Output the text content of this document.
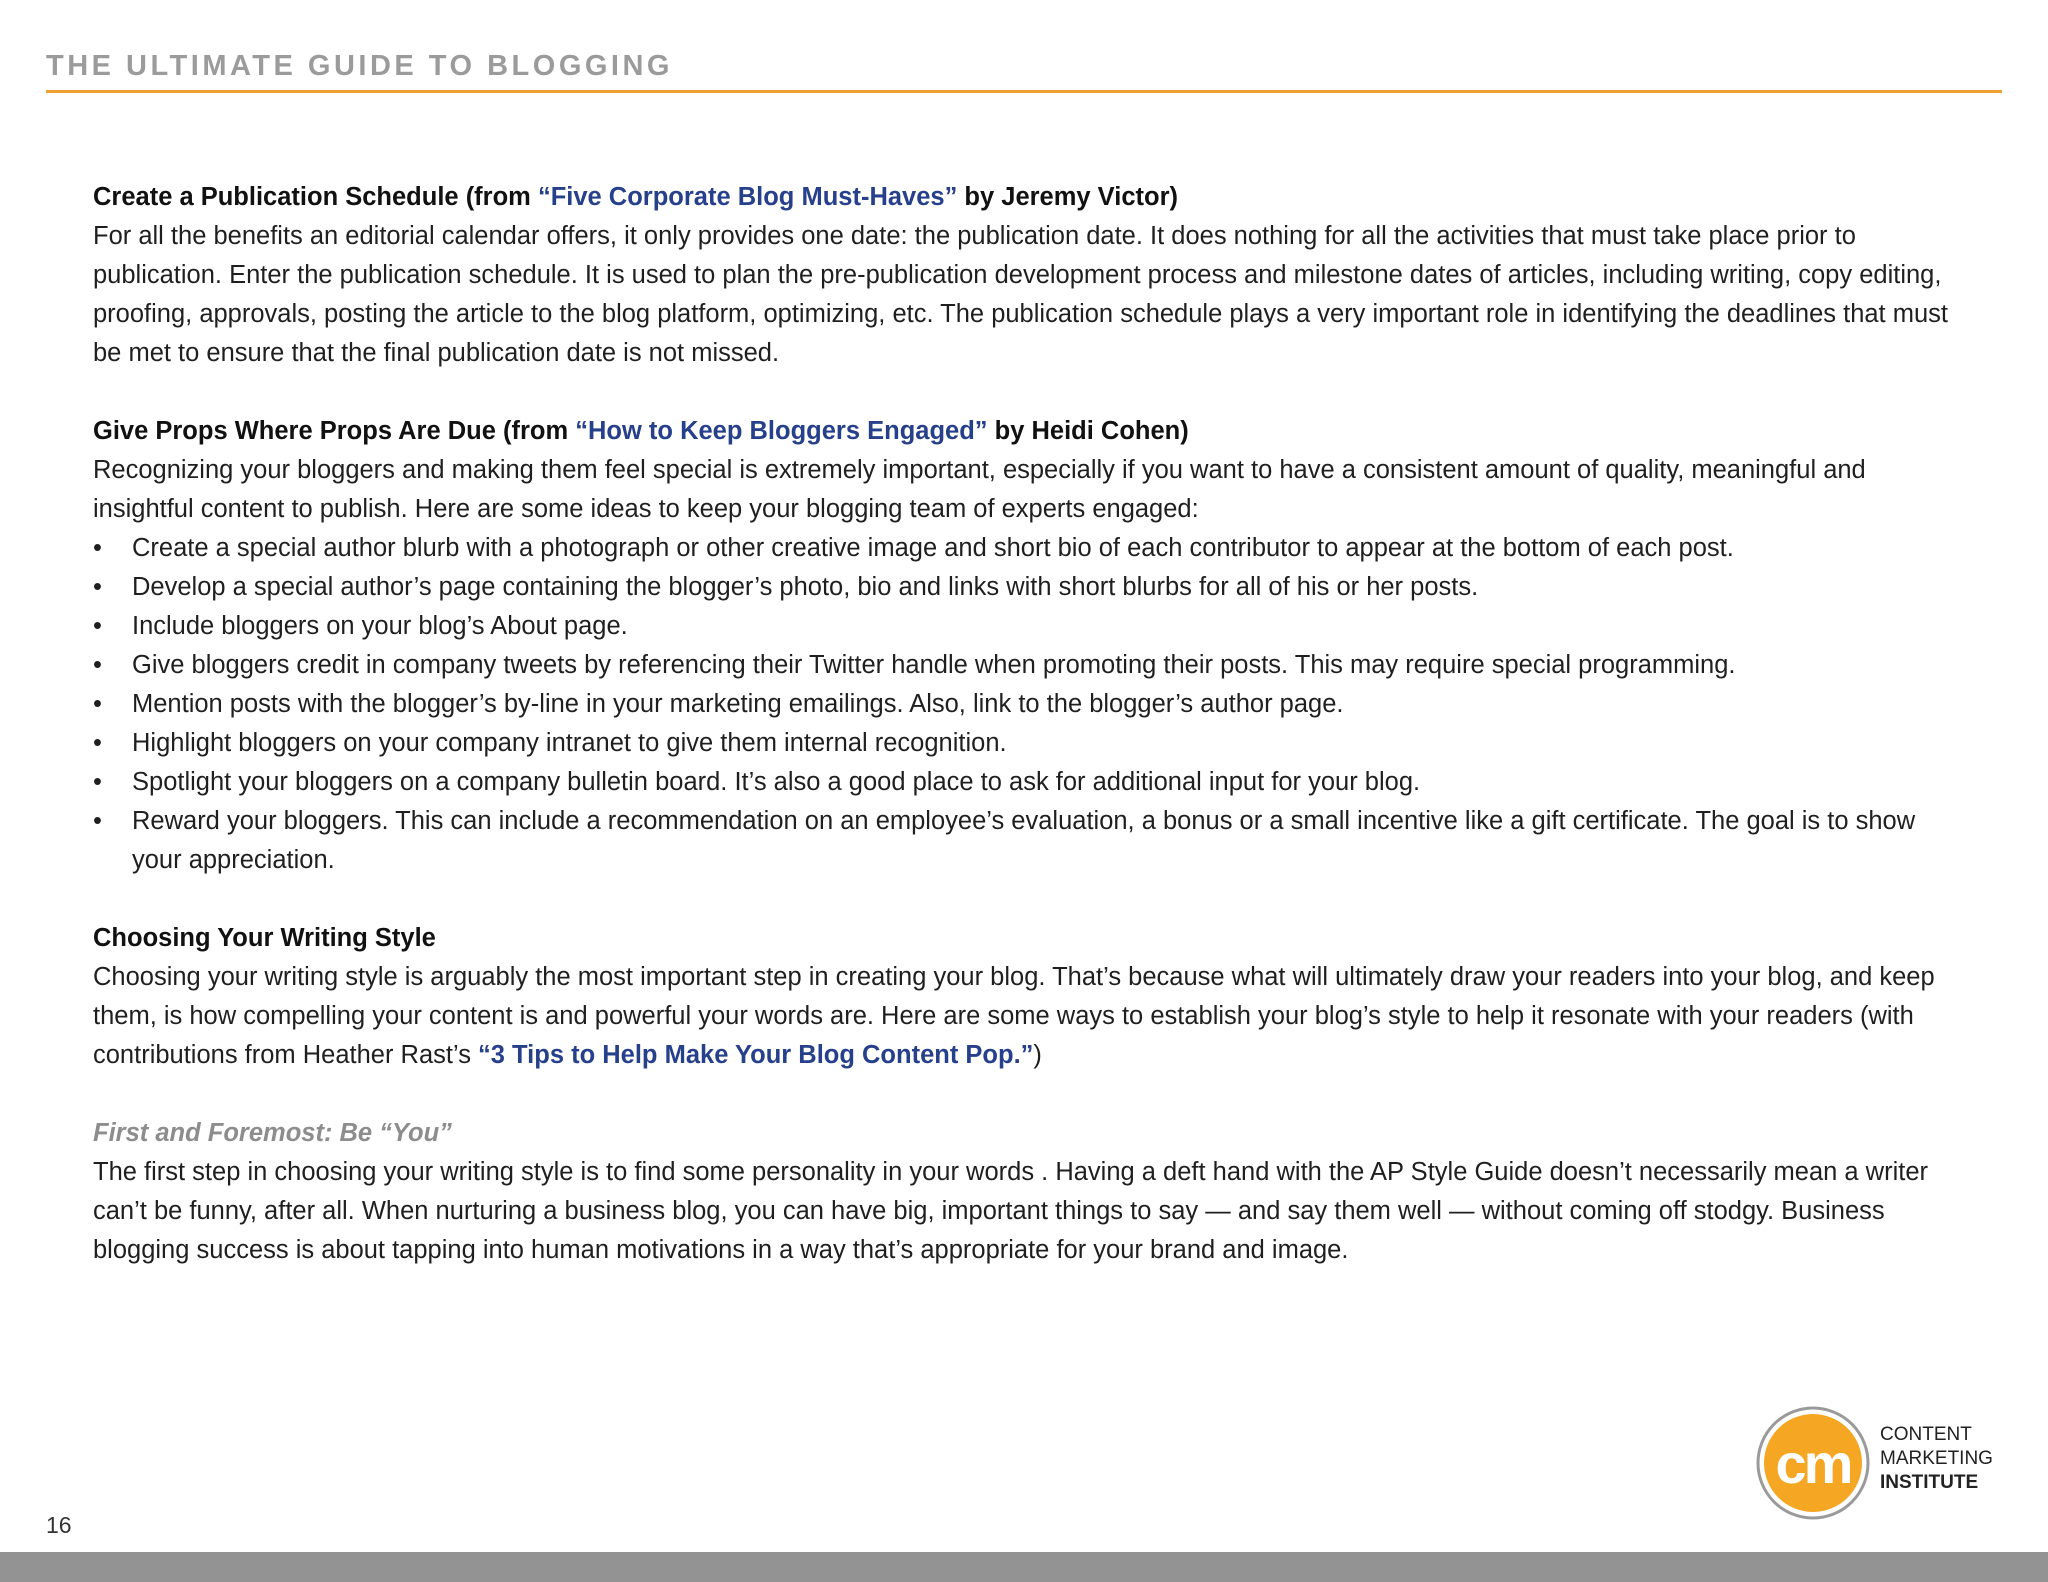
THE ULTIMATE GUIDE TO BLOGGING

Create a Publication Schedule (from “Five Corporate Blog Must-Haves” by Jeremy Victor)

For all the benefits an editorial calendar offers, it only provides one date: the publication date. It does nothing for all the activities that must take place prior to publication. Enter the publication schedule. It is used to plan the pre-publication development process and milestone dates of articles, including writing, copy editing, proofing, approvals, posting the article to the blog platform, optimizing, etc. The publication schedule plays a very important role in identifying the deadlines that must be met to ensure that the final publication date is not missed.

Give Props Where Props Are Due (from “How to Keep Bloggers Engaged” by Heidi Cohen)

Recognizing your bloggers and making them feel special is extremely important, especially if you want to have a consistent amount of quality, meaningful and insightful content to publish. Here are some ideas to keep your blogging team of experts engaged:

• Create a special author blurb with a photograph or other creative image and short bio of each contributor to appear at the bottom of each post.
• Develop a special author’s page containing the blogger’s photo, bio and links with short blurbs for all of his or her posts.
• Include bloggers on your blog’s About page.
• Give bloggers credit in company tweets by referencing their Twitter handle when promoting their posts. This may require special programming.
• Mention posts with the blogger’s by-line in your marketing emailings. Also, link to the blogger’s author page.
• Highlight bloggers on your company intranet to give them internal recognition.
• Spotlight your bloggers on a company bulletin board. It’s also a good place to ask for additional input for your blog.
• Reward your bloggers. This can include a recommendation on an employee’s evaluation, a bonus or a small incentive like a gift certificate. The goal is to show your appreciation.

Choosing Your Writing Style

Choosing your writing style is arguably the most important step in creating your blog. That’s because what will ultimately draw your readers into your blog, and keep them, is how compelling your content is and powerful your words are. Here are some ways to establish your blog’s style to help it resonate with your readers (with contributions from Heather Rast’s “3 Tips to Help Make Your Blog Content Pop.”)

First and Foremost: Be “You”

The first step in choosing your writing style is to find some personality in your words . Having a deft hand with the AP Style Guide doesn’t necessarily mean a writer can’t be funny, after all. When nurturing a business blog, you can have big, important things to say — and say them well — without coming off stodgy. Business blogging success is about tapping into human motivations in a way that’s appropriate for your brand and image.

cm CONTENT
MARKETING
INSTITUTE
16
